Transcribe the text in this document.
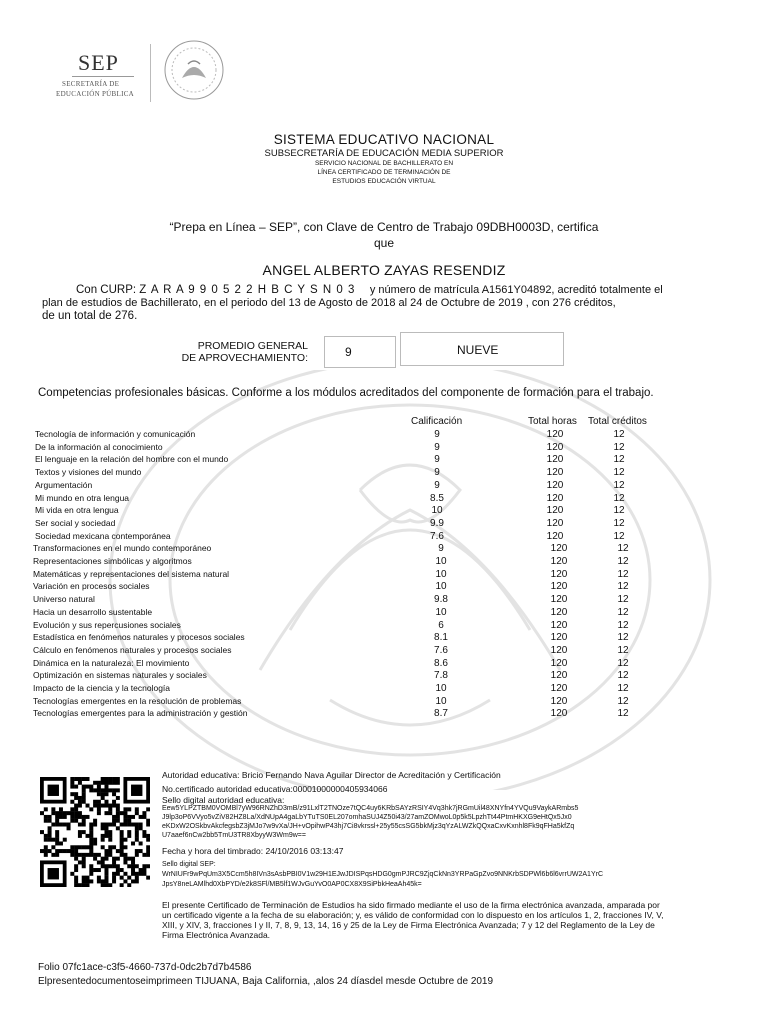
SEP
SECRETARÍA DE
EDUCACIÓN PÚBLICA
SISTEMA EDUCATIVO NACIONAL
SUBSECRETARÍA DE EDUCACIÓN MEDIA SUPERIOR
SERVICIO NACIONAL DE BACHILLERATO EN
LÍNEA CERTIFICADO DE TERMINACIÓN DE
ESTUDIOS EDUCACIÓN VIRTUAL
“Prepa en Línea – SEP”, con Clave de Centro de Trabajo 09DBH0003D, certifica
que
ANGEL ALBERTO ZAYAS RESENDIZ
Con CURP: Z A R A 9 9 0 5 2 2 H B C Y S N 0 3 y número de matrícula A1561Y04892, acreditó totalmente el
plan de estudios de Bachillerato, en el periodo del 13 de Agosto de 2018 al 24 de Octubre de 2019 , con 276 créditos,
de un total de 276.
PROMEDIO GENERAL
DE APROVECHAMIENTO:	9	NUEVE
Competencias profesionales básicas. Conforme a los módulos acreditados del componente de formación para el trabajo.
Calificación	Total horas Total créditos
Tecnología de información y comunicación	9	120	12
De la información al conocimiento	9	120	12
El lenguaje en la relación del hombre con el mundo	9	120	12
Textos y visiones del mundo	9	120	12
Argumentación	9	120	12
Mi mundo en otra lengua	8.5	120	12
Mi vida en otra lengua	10	120	12
Ser social y sociedad	9.9	120	12
Sociedad mexicana contemporánea	7.6	120	12
Transformaciones en el mundo contemporáneo	9	120	12
Representaciones simbólicas y algoritmos	10	120	12
Matemáticas y representaciones del sistema natural	10	120	12
Variación en procesos sociales	10	120	12
Universo natural	9.8	120	12
Hacia un desarrollo sustentable	10	120	12
Evolución y sus repercusiones sociales	6	120	12
Estadística en fenómenos naturales y procesos sociales	8.1	120	12
Cálculo en fenómenos naturales y procesos sociales	7.6	120	12
Dinámica en la naturaleza: El movimiento	8.6	120	12
Optimización en sistemas naturales y sociales	7.8	120	12
Impacto de la ciencia y la tecnología	10	120	12
Tecnologías emergentes en la resolución de problemas	10	120	12
Tecnologías emergentes para la administración y gestión	8.7	120	12
Autoridad educativa: Bricio Fernando Nava Aguilar Director de Acreditación y Certificación
No.certificado autoridad educativa:00001000000405934066
Sello digital autoridad educativa:
Eew5YLPZTBM0VOMBl7yW96RNZhD3mB/z91LxlT2TNOze7tQC4uy6KRbSAYzRSIY4Vq3hk7jRGmUil48XNYfn4YVQu9VaykARmbs5
J9lp3oP6VVyo5vZiV82HZ8La/XdNUpA4gaLbYTuTS0EL207omhaSUJ4Z50i43/27amZOMwoL0p5k5LpzhTt44PtmHKXG9eHtQx5Jx0
eKDxW2OSkbvAkcfegsbZ3jMJo7w9vXa/JH+vOpihwP43hj7Ci8vkrssl+25y55csSG5bkMjz3qYzALWZkQQxaCxvKxnhl8Fk9qFHa5kfZq
U7aaef6nCw2bb5TmU3TR8XbyyW3Wm9w==
Fecha y hora del timbrado: 24/10/2016 03:13:47
Sello digital SEP:
WrNIUFr9wPqUm3X5Ccm5h8IVn3sAsbPBI0V1w29H1EJwJDISPqsHDG0gmPJRC9ZjqCkNn3YRPaGpZvo9NNKrbSDPWl6b6l6vrrUW2A1YrC
JpsY8neLAMlhd0XbPYD/e2k8SFl/MB5lf1WJvGuYvO0AP0CX8X9SiPbkHeaAh45k=
El presente Certificado de Terminación de Estudios ha sido firmado mediante el uso de la firma electrónica avanzada, amparada por un certificado vigente a la fecha de su elaboración; y, es válido de conformidad con lo dispuesto en los artículos 1, 2, fracciones IV, V, XIII, y XIV, 3, fracciones I y II, 7, 8, 9, 13, 14, 16 y 25 de la Ley de Firma Electrónica Avanzada; 7 y 12 del Reglamento de la Ley de Firma Electrónica Avanzada.
Folio 07fc1ace-c3f5-4660-737d-0dc2b7d7b4586
Elpresentedocumentoseimprimeen TIJUANA, Baja California, ,alos 24 díasdel mesde Octubre de 2019
